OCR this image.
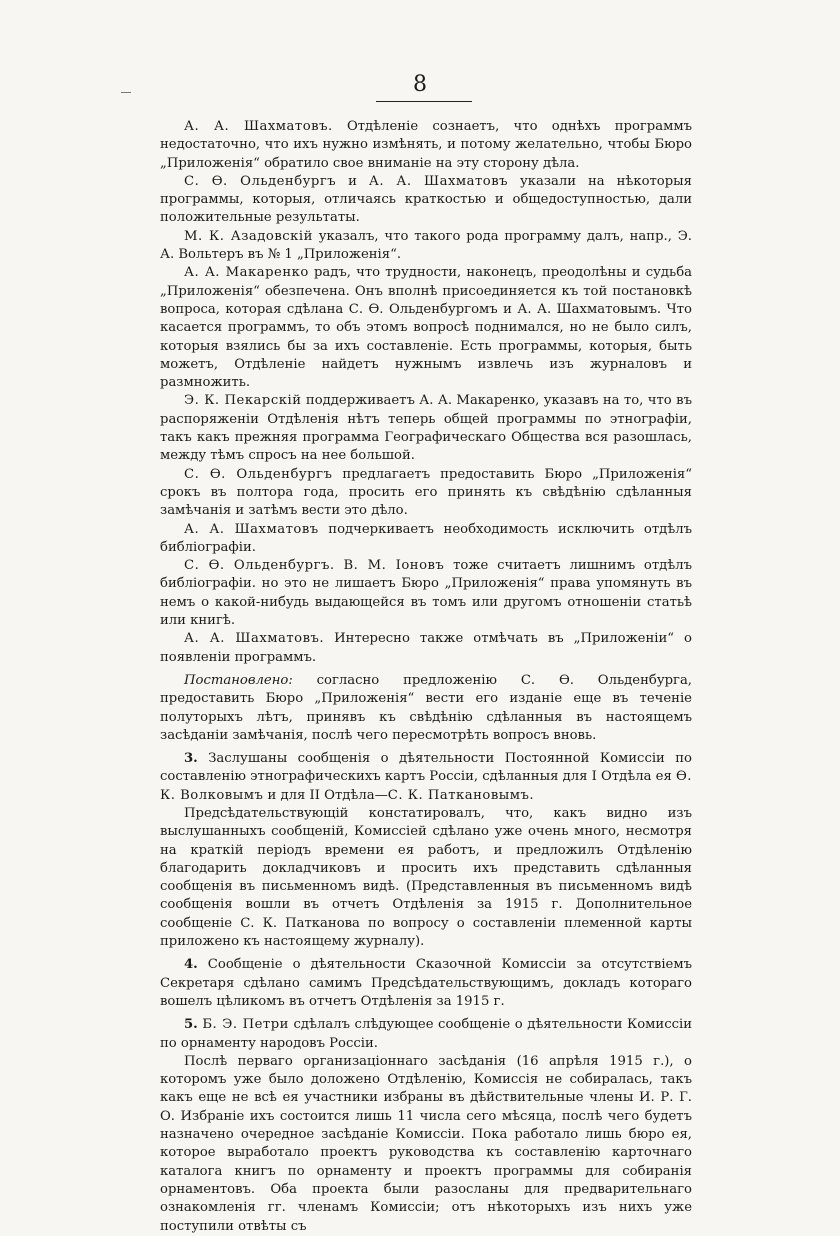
8

А. А. Шахматовъ. Отдѣленіе сознаетъ, что однѣхъ программъ недостаточно, что ихъ нужно измѣнять, и потому желательно, чтобы Бюро „Приложенія“ обратило свое вниманіе на эту сторону дѣла.

С. Ѳ. Ольденбургъ и А. А. Шахматовъ указали на нѣкоторыя программы, которыя, отличаясь краткостью и общедоступностью, дали положительные результаты.

М. К. Азадовскій указалъ, что такого рода программу далъ, напр., Э. А. Вольтеръ въ № 1 „Приложенія“.

А. А. Макаренко радъ, что трудности, наконецъ, преодолѣны и судьба „Приложенія“ обезпечена. Онъ вполнѣ присоединяется къ той постановкѣ вопроса, которая сдѣлана С. Ѳ. Ольденбургомъ и А. А. Шахматовымъ. Что касается программъ, то объ этомъ вопросѣ поднимался, но не было силъ, которыя взялись бы за ихъ составленіе. Есть программы, которыя, быть можетъ, Отдѣленіе найдетъ нужнымъ извлечь изъ журналовъ и размножить.

Э. К. Пекарскій поддерживаетъ А. А. Макаренко, указавъ на то, что въ распоряженіи Отдѣленія нѣтъ теперь общей программы по этнографіи, такъ какъ прежняя программа Географическаго Общества вся разошлась, между тѣмъ спросъ на нее большой.

С. Ѳ. Ольденбургъ предлагаетъ предоставить Бюро „Приложенія“ срокъ въ полтора года, просить его принять къ свѣдѣнію сдѣланныя замѣчанія и затѣмъ вести это дѣло.

А. А. Шахматовъ подчеркиваетъ необходимость исключить отдѣлъ библіографіи.

С. Ѳ. Ольденбургъ. В. М. Іоновъ тоже считаетъ лишнимъ отдѣлъ библіографіи. но это не лишаетъ Бюро „Приложенія“ права упомянуть въ немъ о какой-нибудь выдающейся въ томъ или другомъ отношеніи статьѣ или книгѣ.

А. А. Шахматовъ. Интересно также отмѣчать въ „Приложеніи“ о появленіи программъ.

Постановлено: согласно предложенію С. Ѳ. Ольденбурга, предоставить Бюро „Приложенія“ вести его изданіе еще въ теченіе полуторыхъ лѣтъ, принявъ къ свѣдѣнію сдѣланныя въ настоящемъ засѣданіи замѣчанія, послѣ чего пересмотрѣть вопросъ вновь.

3. Заслушаны сообщенія о дѣятельности Постоянной Комиссіи по составленію этнографическихъ картъ Россіи, сдѣланныя для I Отдѣла ея Ѳ. К. Волковымъ и для II Отдѣла—С. К. Паткановымъ.

Предсѣдательствующій констатировалъ, что, какъ видно изъ выслушанныхъ сообщеній, Комиссіей сдѣлано уже очень много, несмотря на краткій періодъ времени ея работъ, и предложилъ Отдѣленію благодарить докладчиковъ и просить ихъ представить сдѣланныя сообщенія въ письменномъ видѣ. (Представленныя въ письменномъ видѣ сообщенія вошли въ отчетъ Отдѣленія за 1915 г. Дополнительное сообщеніе С. К. Патканова по вопросу о составленіи племенной карты приложено къ настоящему журналу).

4. Сообщеніе о дѣятельности Сказочной Комиссіи за отсутствіемъ Секретаря сдѣлано самимъ Предсѣдательствующимъ, докладъ котораго вошелъ цѣликомъ въ отчетъ Отдѣленія за 1915 г.

5. Б. Э. Петри сдѣлалъ слѣдующее сообщеніе о дѣятельности Комиссіи по орнаменту народовъ Россіи.

Послѣ перваго организаціоннаго засѣданія (16 апрѣля 1915 г.), о которомъ уже было доложено Отдѣленію, Комиссія не собиралась, такъ какъ еще не всѣ ея участники избраны въ дѣйствительные члены И. Р. Г. О. Избраніе ихъ состоится лишь 11 числа сего мѣсяца, послѣ чего будетъ назначено очередное засѣданіе Комиссіи. Пока работало лишь бюро ея, которое выработало проектъ руководства къ составленію карточнаго каталога книгъ по орнаменту и проектъ программы для собиранія орнаментовъ. Оба проекта были разосланы для предварительнаго ознакомленія гг. членамъ Комиссіи; отъ нѣкоторыхъ изъ нихъ уже поступили отвѣты съ
